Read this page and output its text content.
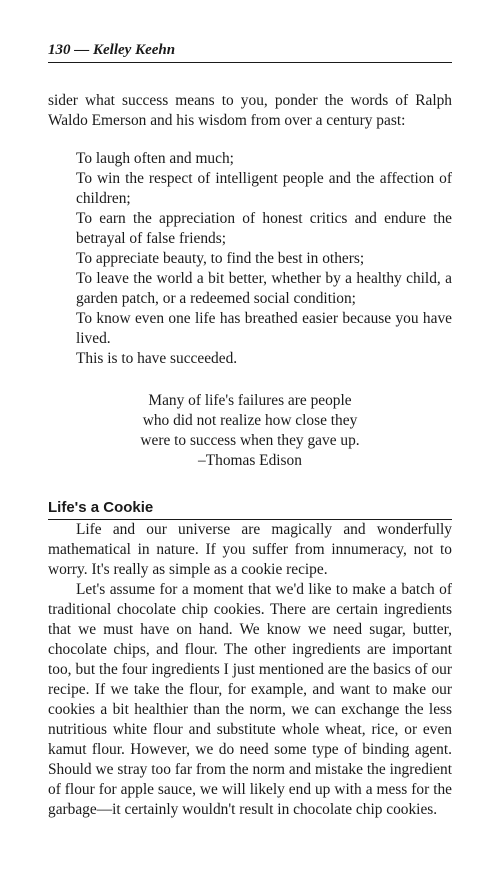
130 — Kelley Keehn

sider what success means to you, ponder the words of Ralph Waldo Emerson and his wisdom from over a century past:

To laugh often and much;

To win the respect of intelligent people and the affection of children;

To earn the appreciation of honest critics and endure the betrayal of false friends;

To appreciate beauty, to find the best in others;

To leave the world a bit better, whether by a healthy child, a garden patch, or a redeemed social condition;

To know even one life has breathed easier because you have lived.

This is to have succeeded.

Many of life's failures are people

who did not realize how close they

were to success when they gave up.

–Thomas Edison

Life's a Cookie

Life and our universe are magically and wonderfully mathematical in nature. If you suffer from innumeracy, not to worry. It's really as simple as a cookie recipe.

Let's assume for a moment that we'd like to make a batch of traditional chocolate chip cookies. There are certain ingredients that we must have on hand. We know we need sugar, butter, chocolate chips, and flour. The other ingredients are important too, but the four ingredients I just mentioned are the basics of our recipe. If we take the flour, for example, and want to make our cookies a bit healthier than the norm, we can exchange the less nutritious white flour and substitute whole wheat, rice, or even kamut flour. However, we do need some type of binding agent. Should we stray too far from the norm and mistake the ingredient of flour for apple sauce, we will likely end up with a mess for the garbage—it certainly wouldn't result in chocolate chip cookies.
